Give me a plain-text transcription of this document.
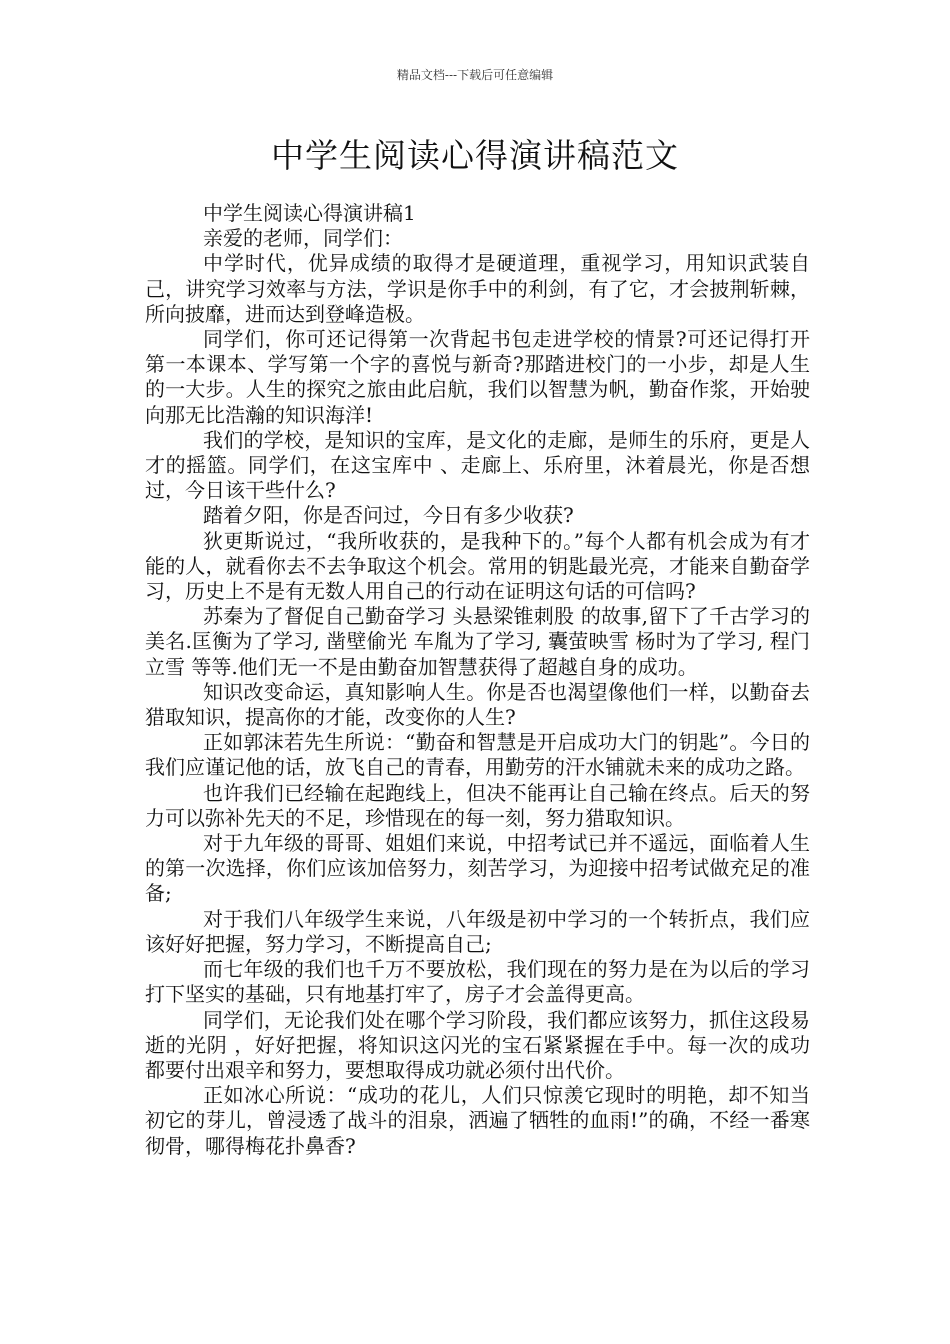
精品文档---下载后可任意编辑
中学生阅读心得演讲稿范文

中学生阅读心得演讲稿1

亲爱的老师，同学们：

中学时代，优异成绩的取得才是硬道理，重视学习，用知识武装自己，讲究学习效率与方法，学识是你手中的利剑，有了它，才会披荆斩棘，所向披靡，进而达到登峰造极。

同学们，你可还记得第一次背起书包走进学校的情景?可还记得打开第一本课本、学写第一个字的喜悦与新奇?那踏进校门的一小步，却是人生的一大步。人生的探究之旅由此启航，我们以智慧为帆，勤奋作浆，开始驶向那无比浩瀚的知识海洋!

我们的学校，是知识的宝库，是文化的走廊，是师生的乐府，更是人才的摇篮。同学们，在这宝库中 、走廊上、乐府里，沐着晨光，你是否想过，今日该干些什么?

踏着夕阳，你是否问过，今日有多少收获?

狄更斯说过，“我所收获的，是我种下的。”每个人都有机会成为有才能的人，就看你去不去争取这个机会。常用的钥匙最光亮，才能来自勤奋学习，历史上不是有无数人用自己的行动在证明这句话的可信吗?

苏秦为了督促自己勤奋学习 头悬梁锥刺股 的故事,留下了千古学习的美名.匡衡为了学习, 凿壁偷光 车胤为了学习, 囊萤映雪 杨时为了学习, 程门立雪 等等.他们无一不是由勤奋加智慧获得了超越自身的成功。

知识改变命运，真知影响人生。你是否也渴望像他们一样，以勤奋去猎取知识，提高你的才能，改变你的人生?

正如郭沫若先生所说：“勤奋和智慧是开启成功大门的钥匙”。今日的我们应谨记他的话，放飞自己的青春，用勤劳的汗水铺就未来的成功之路。

也许我们已经输在起跑线上，但决不能再让自己输在终点。后天的努力可以弥补先天的不足，珍惜现在的每一刻，努力猎取知识。

对于九年级的哥哥、姐姐们来说，中招考试已并不遥远，面临着人生的第一次选择，你们应该加倍努力，刻苦学习，为迎接中招考试做充足的准备;

对于我们八年级学生来说，八年级是初中学习的一个转折点，我们应该好好把握，努力学习，不断提高自己;

而七年级的我们也千万不要放松，我们现在的努力是在为以后的学习打下坚实的基础，只有地基打牢了，房子才会盖得更高。

同学们，无论我们处在哪个学习阶段，我们都应该努力，抓住这段易逝的光阴 ，好好把握，将知识这闪光的宝石紧紧握在手中。每一次的成功都要付出艰辛和努力，要想取得成功就必须付出代价。

正如冰心所说：“成功的花儿，人们只惊羡它现时的明艳，却不知当初它的芽儿，曾浸透了战斗的泪泉，洒遍了牺牲的血雨!”的确，不经一番寒彻骨，哪得梅花扑鼻香?
